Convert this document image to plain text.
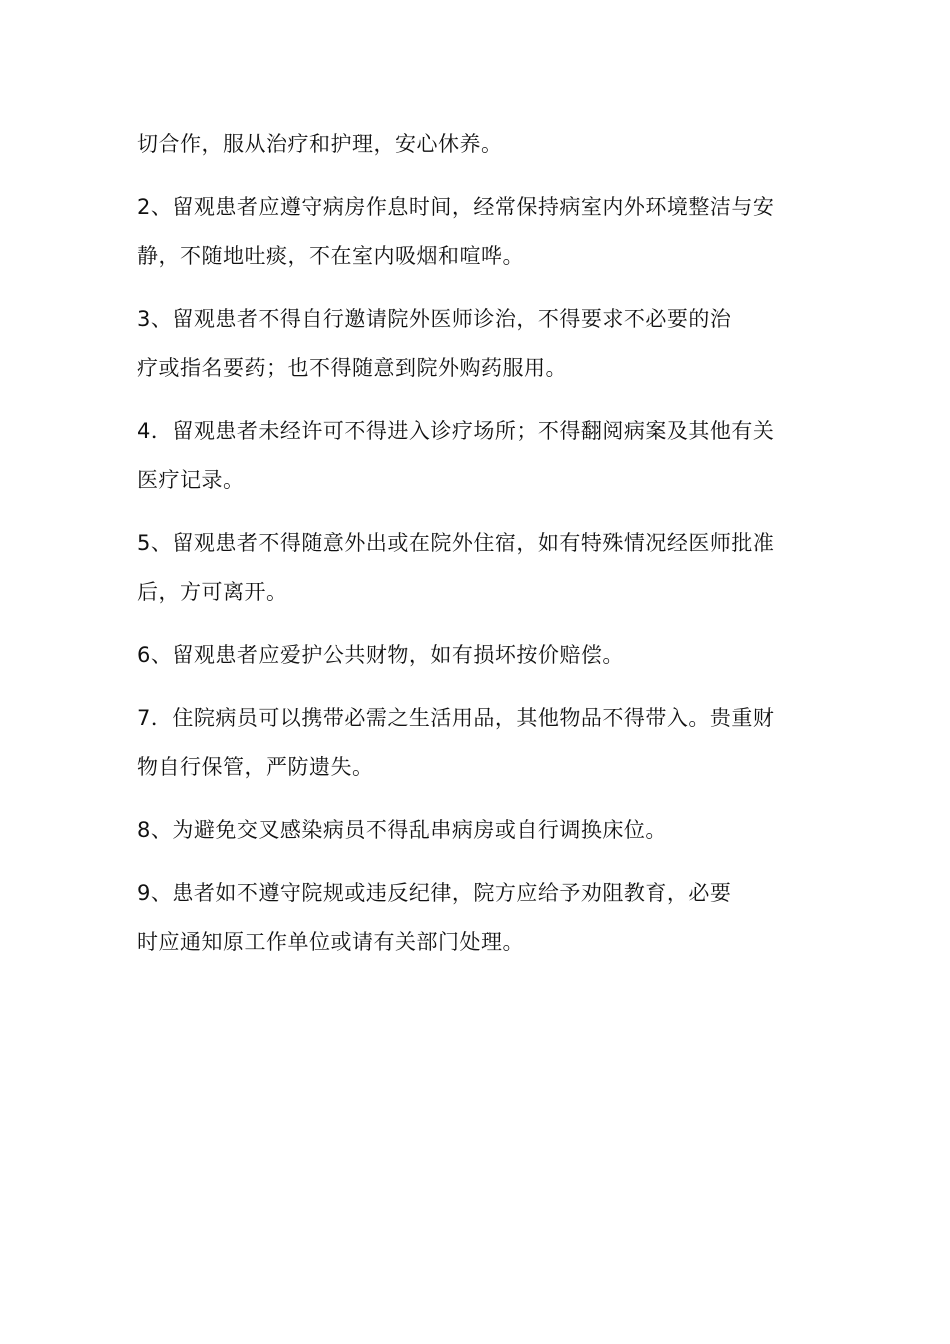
切合作，服从治疗和护理，安心休养。
2、留观患者应遵守病房作息时间，经常保持病室内外环境整洁与安
静，不随地吐痰，不在室内吸烟和喧哗。
3、留观患者不得自行邀请院外医师诊治，不得要求不必要的治
疗或指名要药；也不得随意到院外购药服用。
4．留观患者未经许可不得进入诊疗场所；不得翻阅病案及其他有关
医疗记录。
5、留观患者不得随意外出或在院外住宿，如有特殊情况经医师批准
后，方可离开。
6、留观患者应爱护公共财物，如有损坏按价赔偿。
7．住院病员可以携带必需之生活用品，其他物品不得带入。贵重财
物自行保管，严防遗失。
8、为避免交叉感染病员不得乱串病房或自行调换床位。
9、患者如不遵守院规或违反纪律，院方应给予劝阻教育，必要
时应通知原工作单位或请有关部门处理。
